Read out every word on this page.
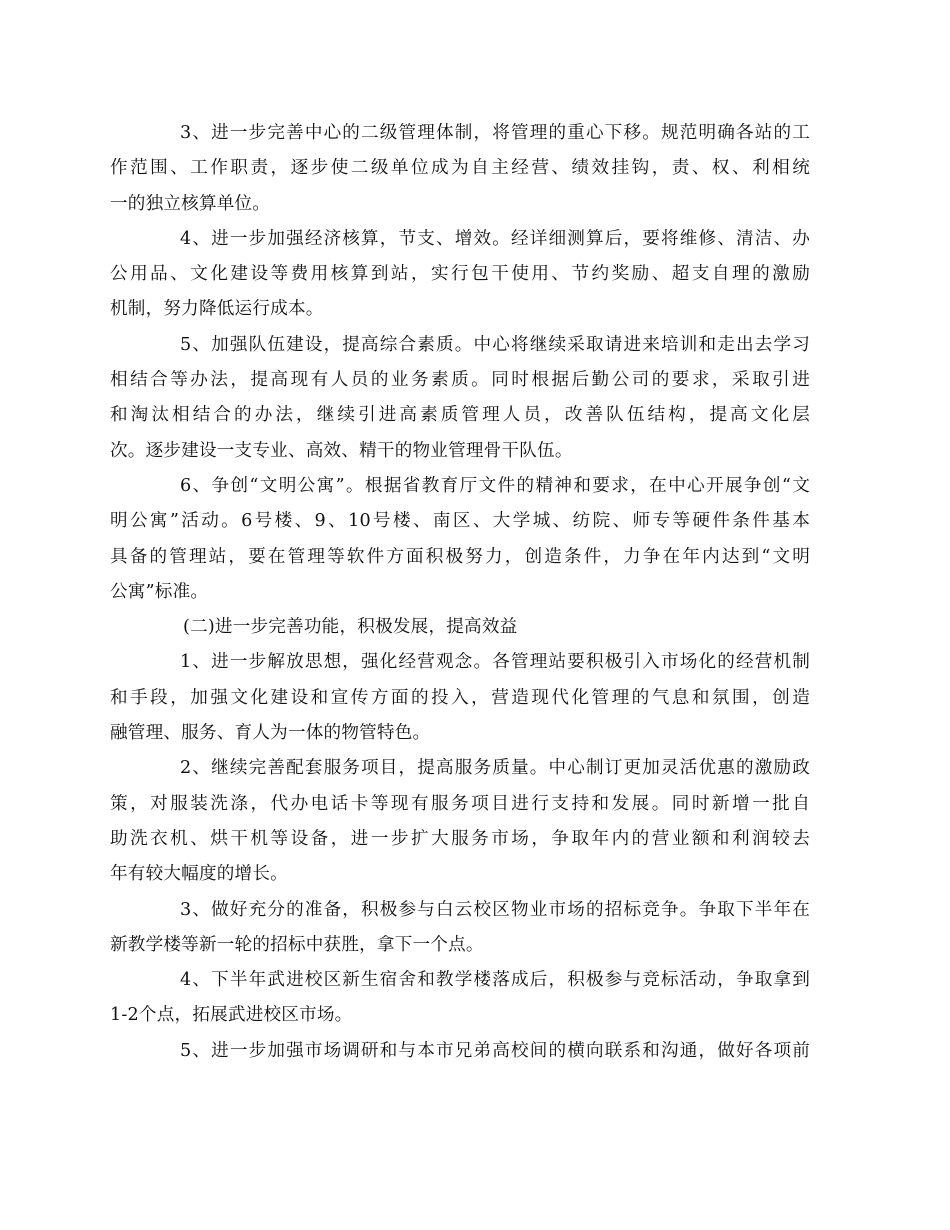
3、进一步完善中心的二级管理体制，将管理的重心下移。规范明确各站的工
作范围、工作职责，逐步使二级单位成为自主经营、绩效挂钩，责、权、利相统
一的独立核算单位。
4、进一步加强经济核算，节支、增效。经详细测算后，要将维修、清洁、办
公用品、文化建设等费用核算到站，实行包干使用、节约奖励、超支自理的激励
机制，努力降低运行成本。
5、加强队伍建设，提高综合素质。中心将继续采取请进来培训和走出去学习
相结合等办法，提高现有人员的业务素质。同时根据后勤公司的要求，采取引进
和淘汰相结合的办法，继续引进高素质管理人员，改善队伍结构，提高文化层
次。逐步建设一支专业、高效、精干的物业管理骨干队伍。
6、争创“文明公寓”。根据省教育厅文件的精神和要求，在中心开展争创“文
明公寓”活动。6号楼、9、10号楼、南区、大学城、纺院、师专等硬件条件基本
具备的管理站，要在管理等软件方面积极努力，创造条件，力争在年内达到“文明
公寓”标准。
(二)进一步完善功能，积极发展，提高效益
1、进一步解放思想，强化经营观念。各管理站要积极引入市场化的经营机制
和手段，加强文化建设和宣传方面的投入，营造现代化管理的气息和氛围，创造
融管理、服务、育人为一体的物管特色。
2、继续完善配套服务项目，提高服务质量。中心制订更加灵活优惠的激励政
策，对服装洗涤，代办电话卡等现有服务项目进行支持和发展。同时新增一批自
助洗衣机、烘干机等设备，进一步扩大服务市场，争取年内的营业额和利润较去
年有较大幅度的增长。
3、做好充分的准备，积极参与白云校区物业市场的招标竞争。争取下半年在
新教学楼等新一轮的招标中获胜，拿下一个点。
4、下半年武进校区新生宿舍和教学楼落成后，积极参与竞标活动，争取拿到
1-2个点，拓展武进校区市场。
5、进一步加强市场调研和与本市兄弟高校间的横向联系和沟通，做好各项前
